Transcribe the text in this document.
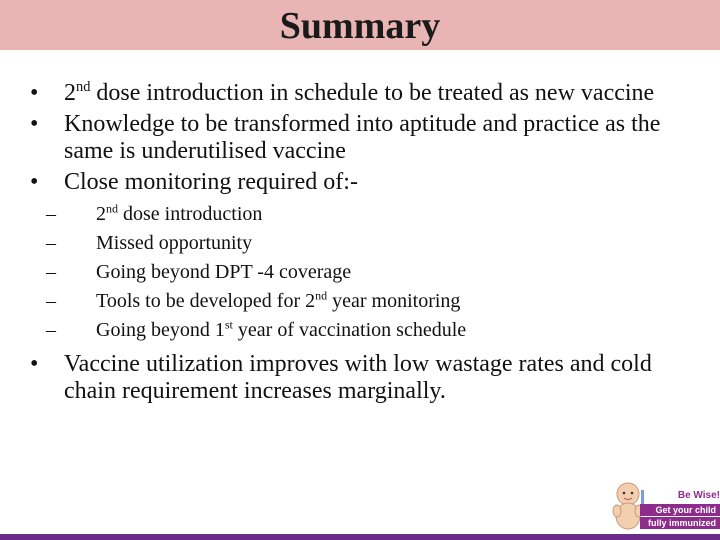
Summary

• 2nd dose introduction in schedule to be treated as new vaccine

• Knowledge to be transformed into aptitude and practice as the same is underutilised vaccine

• Close monitoring required of:-

– 2nd dose introduction
– Missed opportunity
– Going beyond DPT -4 coverage
– Tools to be developed for 2nd year monitoring
– Going beyond 1st year of vaccination schedule

• Vaccine utilization improves with low wastage rates and cold chain requirement increases marginally.

Be Wise!
Get your child
fully immunized
